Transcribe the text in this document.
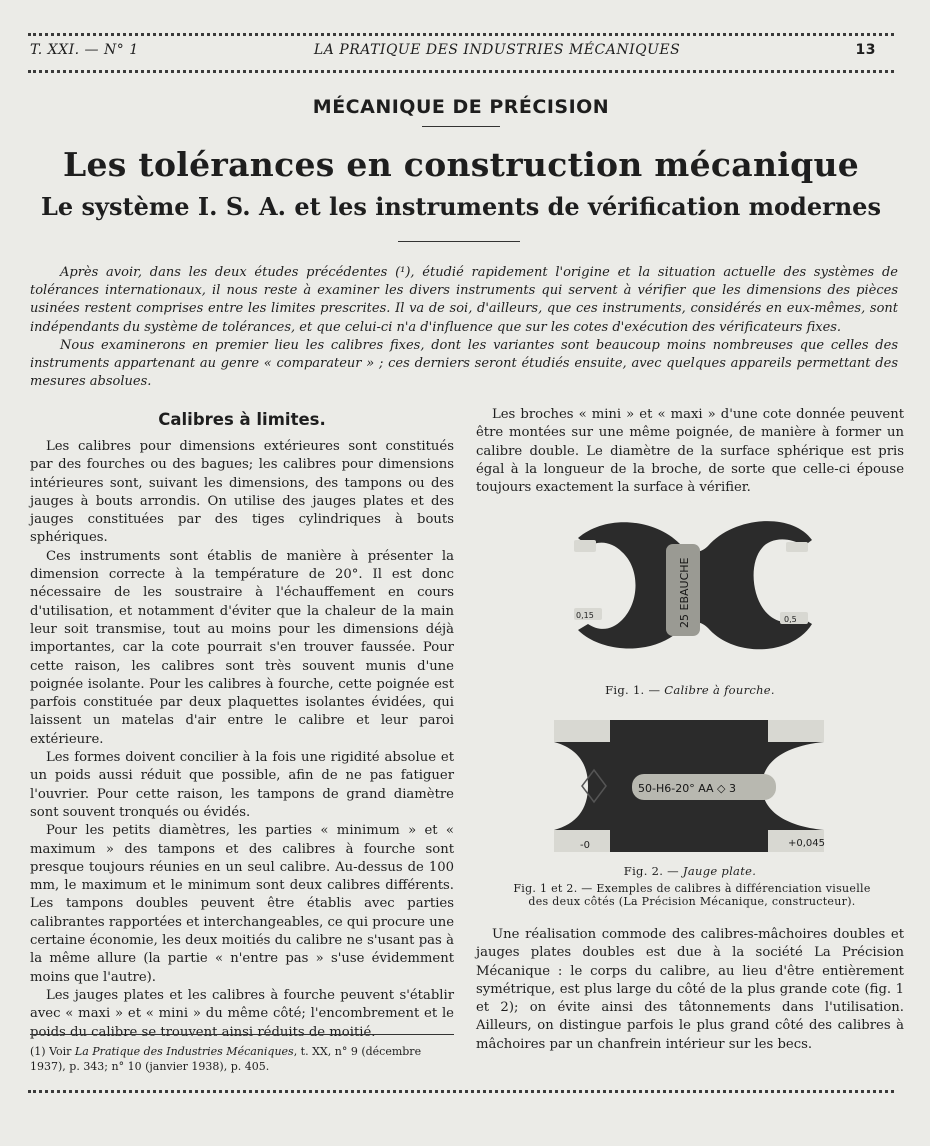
T. XXI. — N° 1	LA PRATIQUE DES INDUSTRIES MÉCANIQUES	13
MÉCANIQUE DE PRÉCISION
Les tolérances en construction mécanique
Le système I. S. A. et les instruments de vérification modernes

Après avoir, dans les deux études précédentes (¹), étudié rapidement l'origine et la situation actuelle des systèmes de tolérances internationaux, il nous reste à examiner les divers instruments qui servent à vérifier que les dimensions des pièces usinées restent comprises entre les limites prescrites. Il va de soi, d'ailleurs, que ces instruments, considérés en eux-mêmes, sont indépendants du système de tolérances, et que celui-ci n'a d'influence que sur les cotes d'exécution des vérificateurs fixes.

Nous examinerons en premier lieu les calibres fixes, dont les variantes sont beaucoup moins nombreuses que celles des instruments appartenant au genre « comparateur » ; ces derniers seront étudiés ensuite, avec quelques appareils permettant des mesures absolues.

Calibres à limites.

Les calibres pour dimensions extérieures sont constitués par des fourches ou des bagues; les calibres pour dimensions intérieures sont, suivant les dimensions, des tampons ou des jauges à bouts arrondis. On utilise des jauges plates et des jauges constituées par des tiges cylindriques à bouts sphériques.

Ces instruments sont établis de manière à présenter la dimension correcte à la température de 20°. Il est donc nécessaire de les soustraire à l'échauffement en cours d'utilisation, et notamment d'éviter que la chaleur de la main leur soit transmise, tout au moins pour les dimensions déjà importantes, car la cote pourrait s'en trouver faussée. Pour cette raison, les calibres sont très souvent munis d'une poignée isolante. Pour les calibres à fourche, cette poignée est parfois constituée par deux plaquettes isolantes évidées, qui laissent un matelas d'air entre le calibre et leur paroi extérieure.

Les formes doivent concilier à la fois une rigidité absolue et un poids aussi réduit que possible, afin de ne pas fatiguer l'ouvrier. Pour cette raison, les tampons de grand diamètre sont souvent tronqués ou évidés.

Pour les petits diamètres, les parties « minimum » et « maximum » des tampons et des calibres à fourche sont presque toujours réunies en un seul calibre. Au-dessus de 100 mm, le maximum et le minimum sont deux calibres différents. Les tampons doubles peuvent être établis avec parties calibrantes rapportées et interchangeables, ce qui procure une certaine économie, les deux moitiés du calibre ne s'usant pas à la même allure (la partie « n'entre pas » s'use évidemment moins que l'autre).

Les jauges plates et les calibres à fourche peuvent s'établir avec « maxi » et « mini » du même côté; l'encombrement et le poids du calibre se trouvent ainsi réduits de moitié.

(1) Voir La Pratique des Industries Mécaniques, t. XX, n° 9 (décembre 1937), p. 343; n° 10 (janvier 1938), p. 405.

Les broches « mini » et « maxi » d'une cote donnée peuvent être montées sur une même poignée, de manière à former un calibre double. Le diamètre de la surface sphérique est pris égal à la longueur de la broche, de sorte que celle-ci épouse toujours exactement la surface à vérifier.

25 EBAUCHE
0,15	0,5
Fig. 1. — Calibre à fourche.
50-H6-20° AA ◇ 3
-0	+0,045
Fig. 2. — Jauge plate.
Fig. 1 et 2. — Exemples de calibres à différenciation visuelle
des deux côtés (La Précision Mécanique, constructeur).

Une réalisation commode des calibres-mâchoires doubles et jauges plates doubles est due à la société La Précision Mécanique : le corps du calibre, au lieu d'être entièrement symétrique, est plus large du côté de la plus grande cote (fig. 1 et 2); on évite ainsi des tâtonnements dans l'utilisation. Ailleurs, on distingue parfois le plus grand côté des calibres à mâchoires par un chanfrein intérieur sur les becs.
